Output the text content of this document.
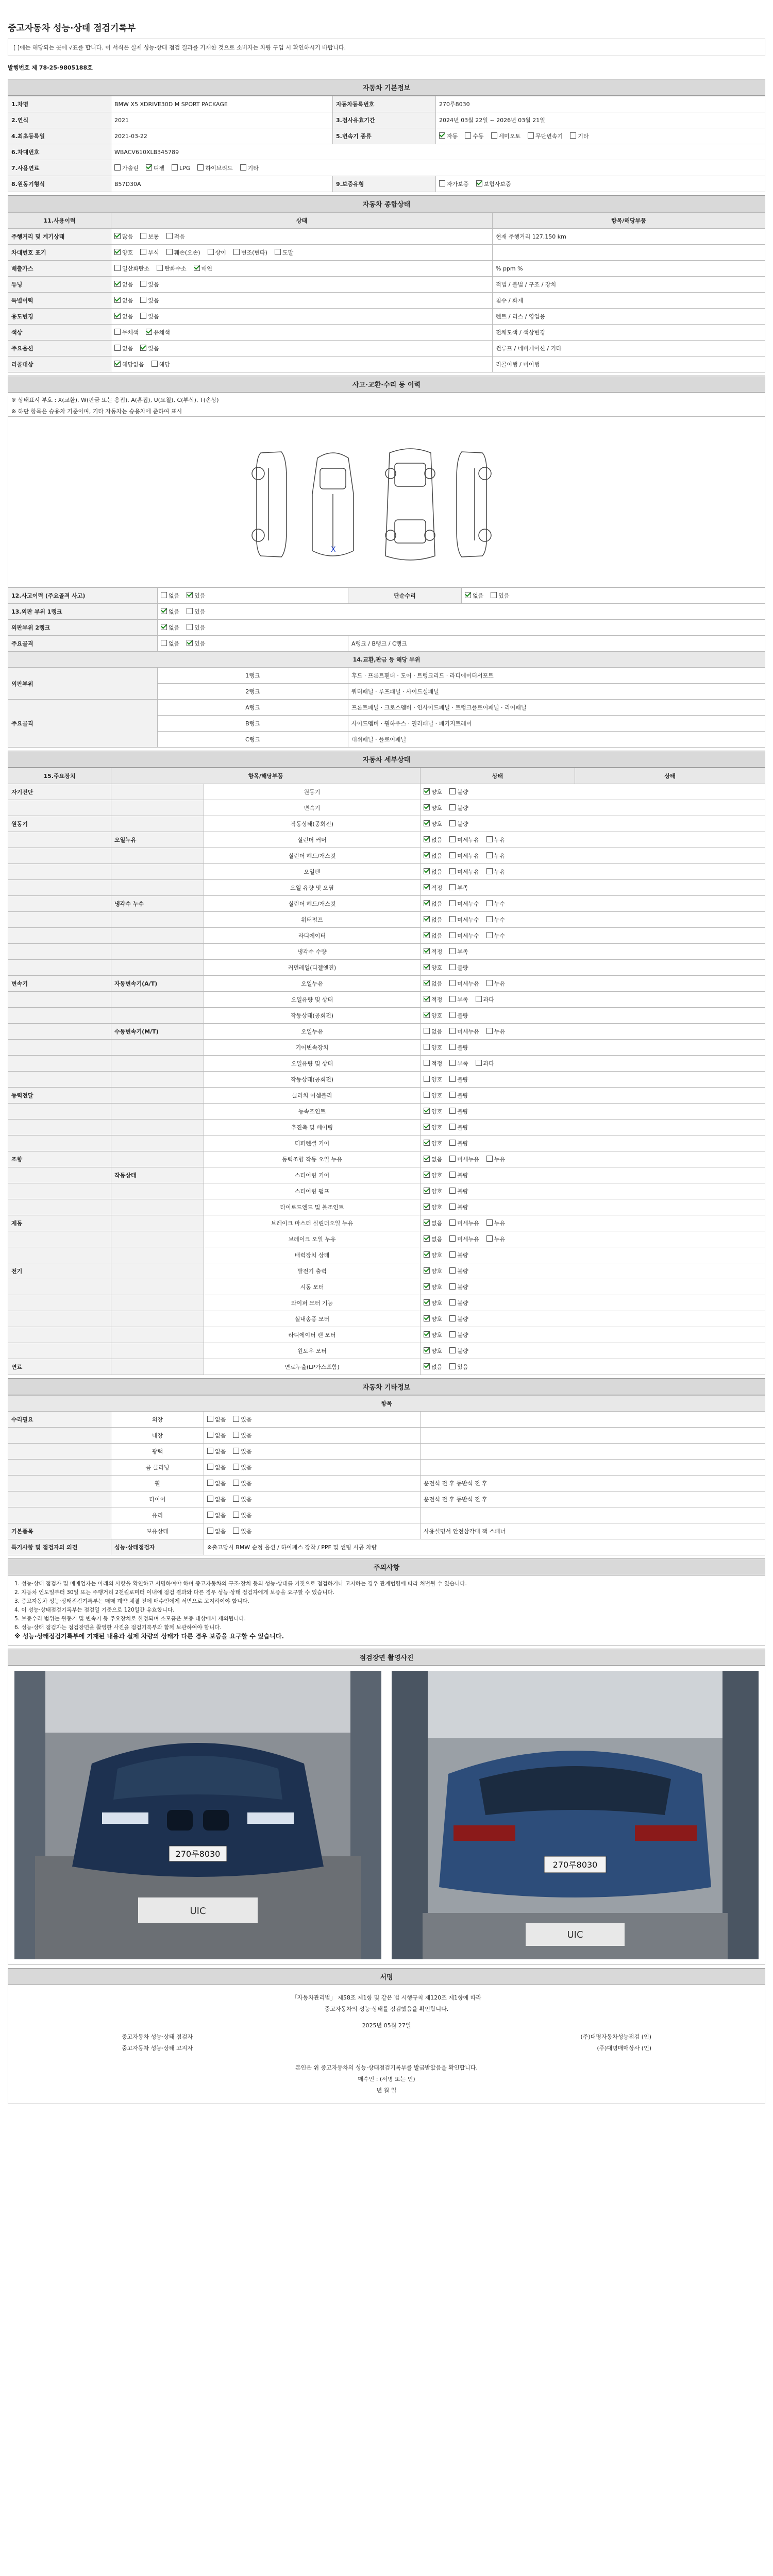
중고자동차 성능·상태 점검기록부
[ ]에는 해당되는 곳에 √표를 합니다. 이 서식은 실제 성능·상태 점검 결과를 기재한 것으로 소비자는 차량 구입 시 확인하시기 바랍니다.
발행번호 제 78-25-9805188호
자동차 기본정보
1.차명	BMW X5 XDRIVE30D M SPORT PACKAGE	자동차등록번호	270루8030
2.연식	2021	3.검사유효기간	2024년 03월 22일 ~ 2026년 03월 21일
4.최초등록일	2021-03-22	5.변속기 종류	자동 수동 세미오토 무단변속기 기타
6.차대번호	WBACV610XLB345789		
7.사용연료	가솔린 디젤 LPG 하이브리드 기타		
8.원동기형식	B57D30A	9.보증유형	자가보증 보험사보증
자동차 종합상태
11.사용이력	상태	항목/해당부품
주행거리 및 계기상태	많음 보통 적음	현재 주행거리 127,150 km
차대번호 표기	양호 부식 훼손(오손) 상이 변조(변타) 도말	
배출가스	일산화탄소 탄화수소 매연	% ppm %
튜닝	없음 있음	적법 / 불법 / 구조 / 장치
특별이력	없음 있음	침수 / 화재
용도변경	없음 있음	렌트 / 리스 / 영업용
색상	무채색 유채색	전체도색 / 색상변경
주요옵션	없음 있음	썬루프 / 네비게이션 / 기타
리콜대상	해당없음 해당	리콜이행 / 미이행
사고·교환·수리 등 이력
※ 상태표시 부호 : X(교환), W(판금 또는 용접), A(흠집), U(요철), C(부식), T(손상)
※ 하단 항목은 승용차 기준이며, 기타 자동차는 승용차에 준하여 표시
X
12.사고이력 (주요골격 사고)	없음 있음	단순수리	없음 있음
13.외판 부위 1랭크	없음 있음		
외판부위 2랭크	없음 있음		
주요골격	없음 있음	A랭크 / B랭크 / C랭크	
14.교환,판금 등 해당 부위			
외판부위	1랭크	후드 · 프론트휀더 · 도어 · 트렁크리드 · 라디에이터서포트	
	2랭크	쿼터패널 · 루프패널 · 사이드실패널	
주요골격	A랭크	프론트패널 · 크로스멤버 · 인사이드패널 · 트렁크플로어패널 · 리어패널	
	B랭크	사이드멤버 · 휠하우스 · 필러패널 · 패키지트레이	
	C랭크	대쉬패널 · 플로어패널	
자동차 세부상태
15.주요장치	항목/해당부품		상태	상태
자기진단		원동기	양호 불량	
		변속기	양호 불량	
원동기		작동상태(공회전)	양호 불량	
	오일누유	실린더 커버	없음 미세누유 누유	
		실린더 헤드/개스킷	없음 미세누유 누유	
		오일팬	없음 미세누유 누유	
		오일 유량 및 오염	적정 부족	
	냉각수 누수	실린더 헤드/개스킷	없음 미세누수 누수	
		워터펌프	없음 미세누수 누수	
		라디에이터	없음 미세누수 누수	
		냉각수 수량	적정 부족	
		커먼레일(디젤엔진)	양호 불량	
변속기	자동변속기(A/T)	오일누유	없음 미세누유 누유	
		오일유량 및 상태	적정 부족 과다	
		작동상태(공회전)	양호 불량	
	수동변속기(M/T)	오일누유	없음 미세누유 누유	
		기어변속장치	양호 불량	
		오일유량 및 상태	적정 부족 과다	
		작동상태(공회전)	양호 불량	
동력전달		클러치 어셈블리	양호 불량	
		등속조인트	양호 불량	
		추진축 및 베어링	양호 불량	
		디퍼렌셜 기어	양호 불량	
조향		동력조향 작동 오일 누유	없음 미세누유 누유	
	작동상태	스티어링 기어	양호 불량	
		스티어링 펌프	양호 불량	
		타이로드엔드 및 볼조인트	양호 불량	
제동		브레이크 마스터 실린더오일 누유	없음 미세누유 누유	
		브레이크 오일 누유	없음 미세누유 누유	
		배력장치 상태	양호 불량	
전기		발전기 출력	양호 불량	
		시동 모터	양호 불량	
		와이퍼 모터 기능	양호 불량	
		실내송풍 모터	양호 불량	
		라디에이터 팬 모터	양호 불량	
		윈도우 모터	양호 불량	
연료		연료누출(LP가스포함)	없음 있음	
자동차 기타정보
항목			
수리필요	외장	없음 있음	
	내장	없음 있음	
	광택	없음 있음	
	룸 클리닝	없음 있음	
	휠	없음 있음	운전석 전 후 동반석 전 후
	타이어	없음 있음	운전석 전 후 동반석 전 후
	유리	없음 있음	
기본품목	보유상태	없음 있음	사용설명서 안전삼각대 잭 스패너
특기사항 및 점검자의 의견	성능·상태점검자	※출고당시 BMW 순정 옵션 / 하이패스 장착 / PPF 및 썬팅 시공 차량	
주의사항
1. 성능·상태 점검자 및 매매업자는 아래의 사항을 확인하고 서명하여야 하며 중고자동차의 구조·장치 등의 성능·상태를 거짓으로 점검하거나 고지하는 경우 관계법령에 따라 처벌될 수 있습니다.
2. 자동차 인도일부터 30일 또는 주행거리 2천킬로미터 이내에 점검 결과와 다른 경우 성능·상태 점검자에게 보증을 요구할 수 있습니다.
3. 중고자동차 성능·상태점검기록부는 매매 계약 체결 전에 매수인에게 서면으로 고지하여야 합니다.
4. 이 성능·상태점검기록부는 점검일 기준으로 120일간 유효합니다.
5. 보증수리 범위는 원동기 및 변속기 등 주요장치로 한정되며 소모품은 보증 대상에서 제외됩니다.
6. 성능·상태 점검자는 점검장면을 촬영한 사진을 점검기록부와 함께 보관하여야 합니다.
※ 성능·상태점검기록부에 기재된 내용과 실제 차량의 상태가 다른 경우 보증을 요구할 수 있습니다.
점검장면 촬영사진
270루8030
UIC
270루8030
UIC
서명
「자동차관리법」 제58조 제1항 및 같은 법 시행규칙 제120조 제1항에 따라
중고자동차의 성능·상태를 점검했음을 확인합니다.
2025년 05월 27일
중고자동차 성능·상태 점검자	(주)대명자동차성능점검 (인)
중고자동차 성능·상태 고지자	(주)대명매매상사 (인)
본인은 위 중고자동차의 성능·상태점검기록부를 발급받았음을 확인합니다.
매수인 : (서명 또는 인)
년 월 일
